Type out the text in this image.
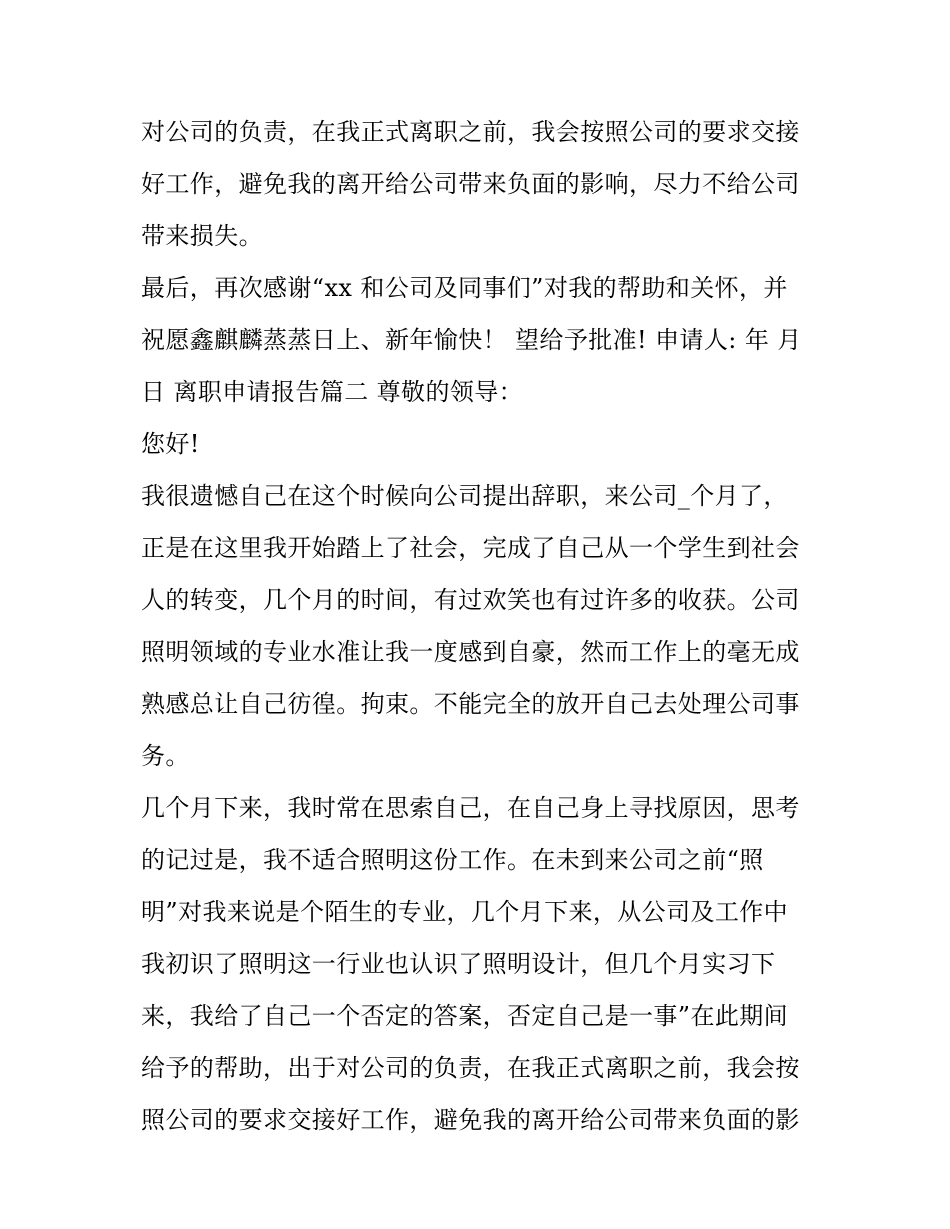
对公司的负责，在我正式离职之前，我会按照公司的要求交接
好工作，避免我的离开给公司带来负面的影响，尽力不给公司
带来损失。
最后，再次感谢“xx 和公司及同事们”对我的帮助和关怀，并
祝愿鑫麒麟蒸蒸日上、新年愉快！ 望给予批准! 申请人: 年 月
日 离职申请报告篇二 尊敬的领导：
您好!
我很遗憾自己在这个时候向公司提出辞职，来公司_个月了，
正是在这里我开始踏上了社会，完成了自己从一个学生到社会
人的转变，几个月的时间，有过欢笑也有过许多的收获。公司
照明领域的专业水准让我一度感到自豪，然而工作上的毫无成
熟感总让自己彷徨。拘束。不能完全的放开自己去处理公司事
务。
几个月下来，我时常在思索自己，在自己身上寻找原因，思考
的记过是，我不适合照明这份工作。在未到来公司之前“照
明”对我来说是个陌生的专业，几个月下来，从公司及工作中
我初识了照明这一行业也认识了照明设计，但几个月实习下
来，我给了自己一个否定的答案，否定自己是一事”在此期间
给予的帮助，出于对公司的负责，在我正式离职之前，我会按
照公司的要求交接好工作，避免我的离开给公司带来负面的影
